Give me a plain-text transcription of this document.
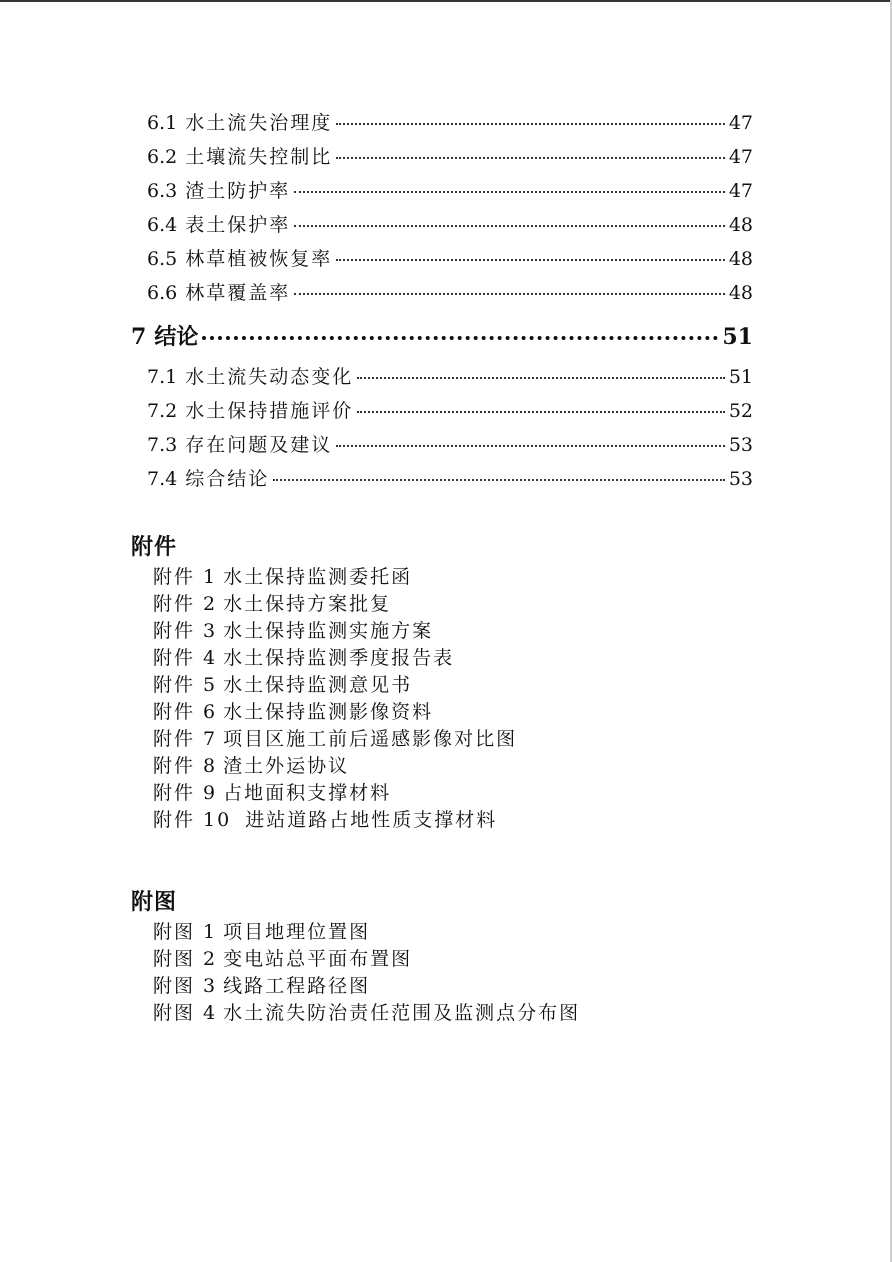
6.1 水土流失治理度	47
6.2 土壤流失控制比	47
6.3 渣土防护率	47
6.4 表土保护率	48
6.5 林草植被恢复率	48
6.6 林草覆盖率	48
7 结论	51
7.1 水土流失动态变化	51
7.2 水土保持措施评价	52
7.3 存在问题及建议	53
7.4 综合结论	53
附件
附件 1 水土保持监测委托函
附件 2 水土保持方案批复
附件 3 水土保持监测实施方案
附件 4 水土保持监测季度报告表
附件 5 水土保持监测意见书
附件 6 水土保持监测影像资料
附件 7 项目区施工前后遥感影像对比图
附件 8 渣土外运协议
附件 9 占地面积支撑材料
附件 10 进站道路占地性质支撑材料
附图
附图 1 项目地理位置图
附图 2 变电站总平面布置图
附图 3 线路工程路径图
附图 4 水土流失防治责任范围及监测点分布图
